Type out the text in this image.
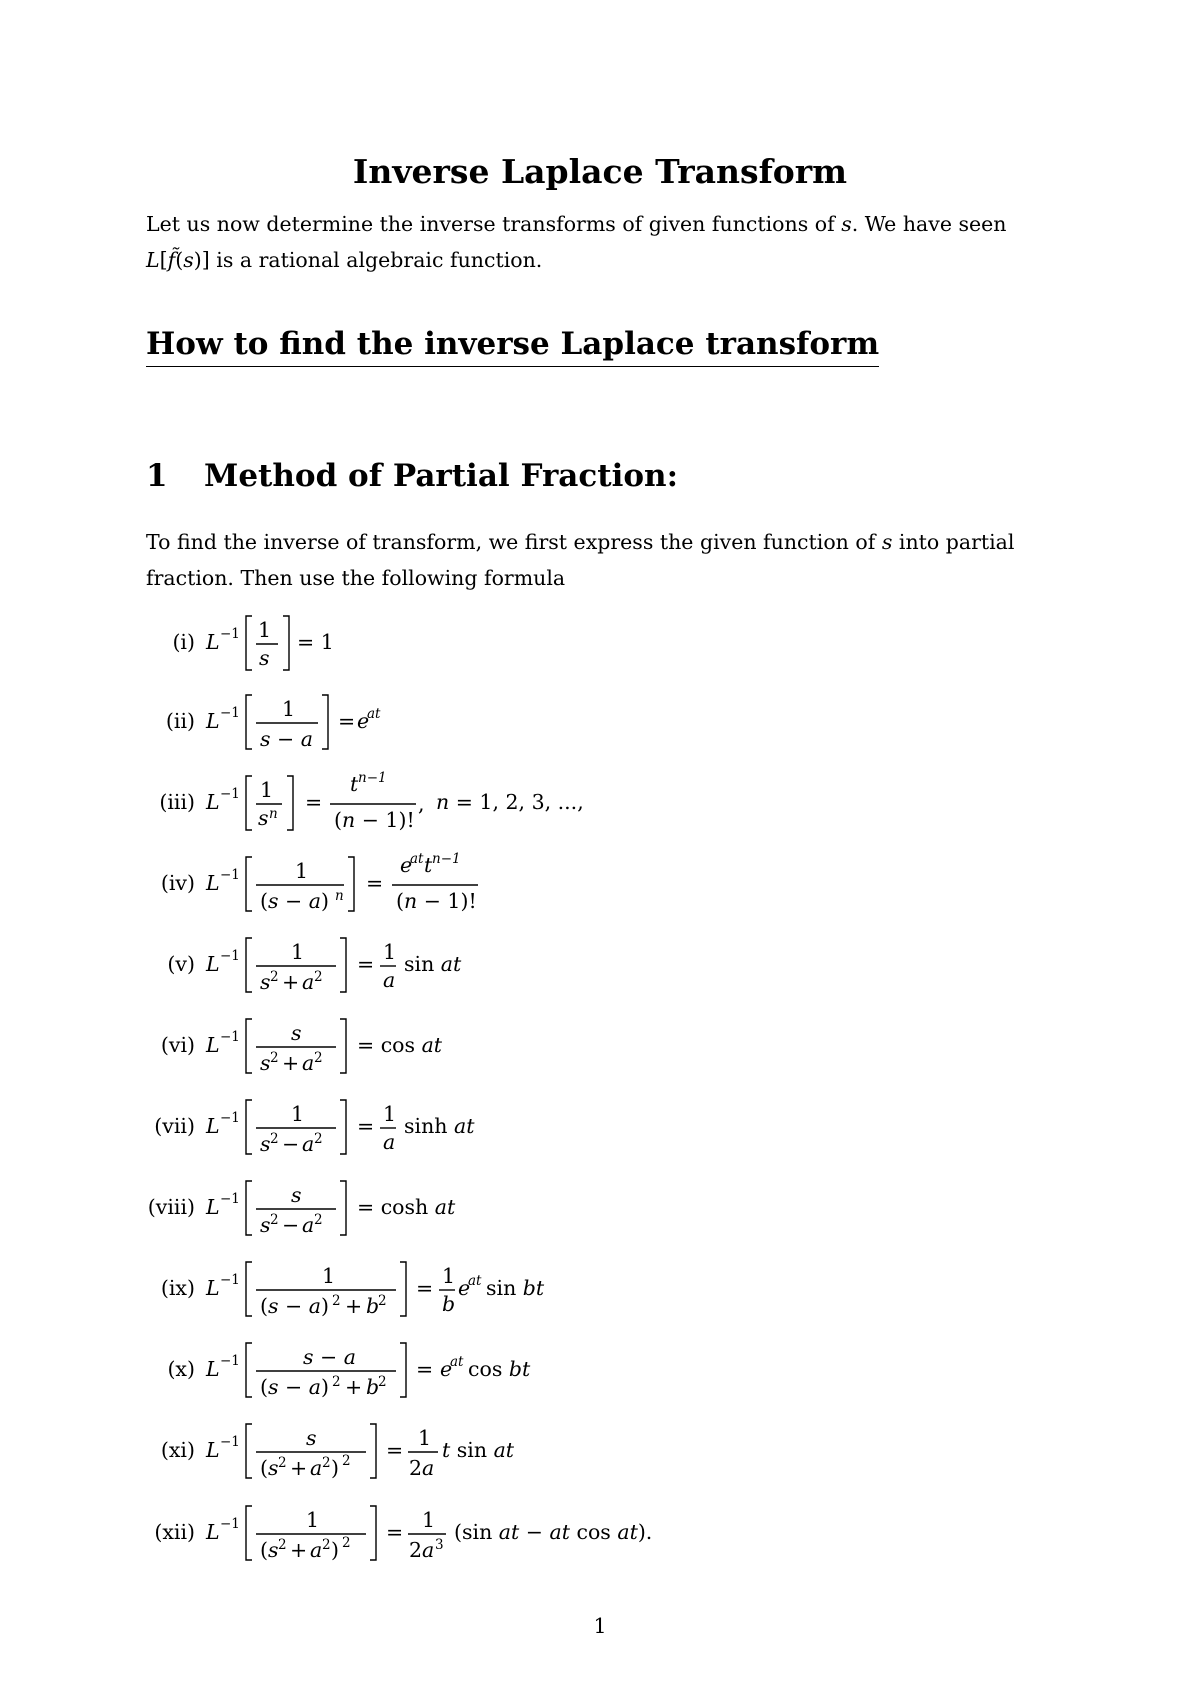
Inverse Laplace Transform

Let us now determine the inverse transforms of given functions of s. We have seen
L[f̃(s)] is a rational algebraic function.

How to find the inverse Laplace transform
1 Method of Partial Fraction:

To find the inverse of transform, we first express the given function of s into partial
fraction. Then use the following formula

(i) L −1 1
s
= 1
(ii) L −1 1
s − a
= e
at
(iii) L −1 1
s n =
t n−1
(n − 1)!
, n = 1, 2, 3, ...,
(iv) L −1	1
(s − a) n
=
e
at t n−1
(n − 1)!
(v) L −1 1
s 2 + a 2
= 1
a
sin at
(vi) L −1 s
s 2 + a 2
= cos at
(vii) L −1 1
s 2 − a 2
= 1
a
sinh at
(viii) L −1 s
s 2 − a 2
= cosh at
(ix) L −1	1
(s − a) 2 + b
2
= 1
b
e
at sin bt
(x) L −1	s − a
(s − a) 2 + b
2
= e
at cos bt
(xi) L −1	s
(s 2 + a 2 ) 2 = 1
2a
t sin at
(xii) L −1	1
(s 2 + a 2 ) 2 = 1
2a 3
(sin at − at cos at).
1
